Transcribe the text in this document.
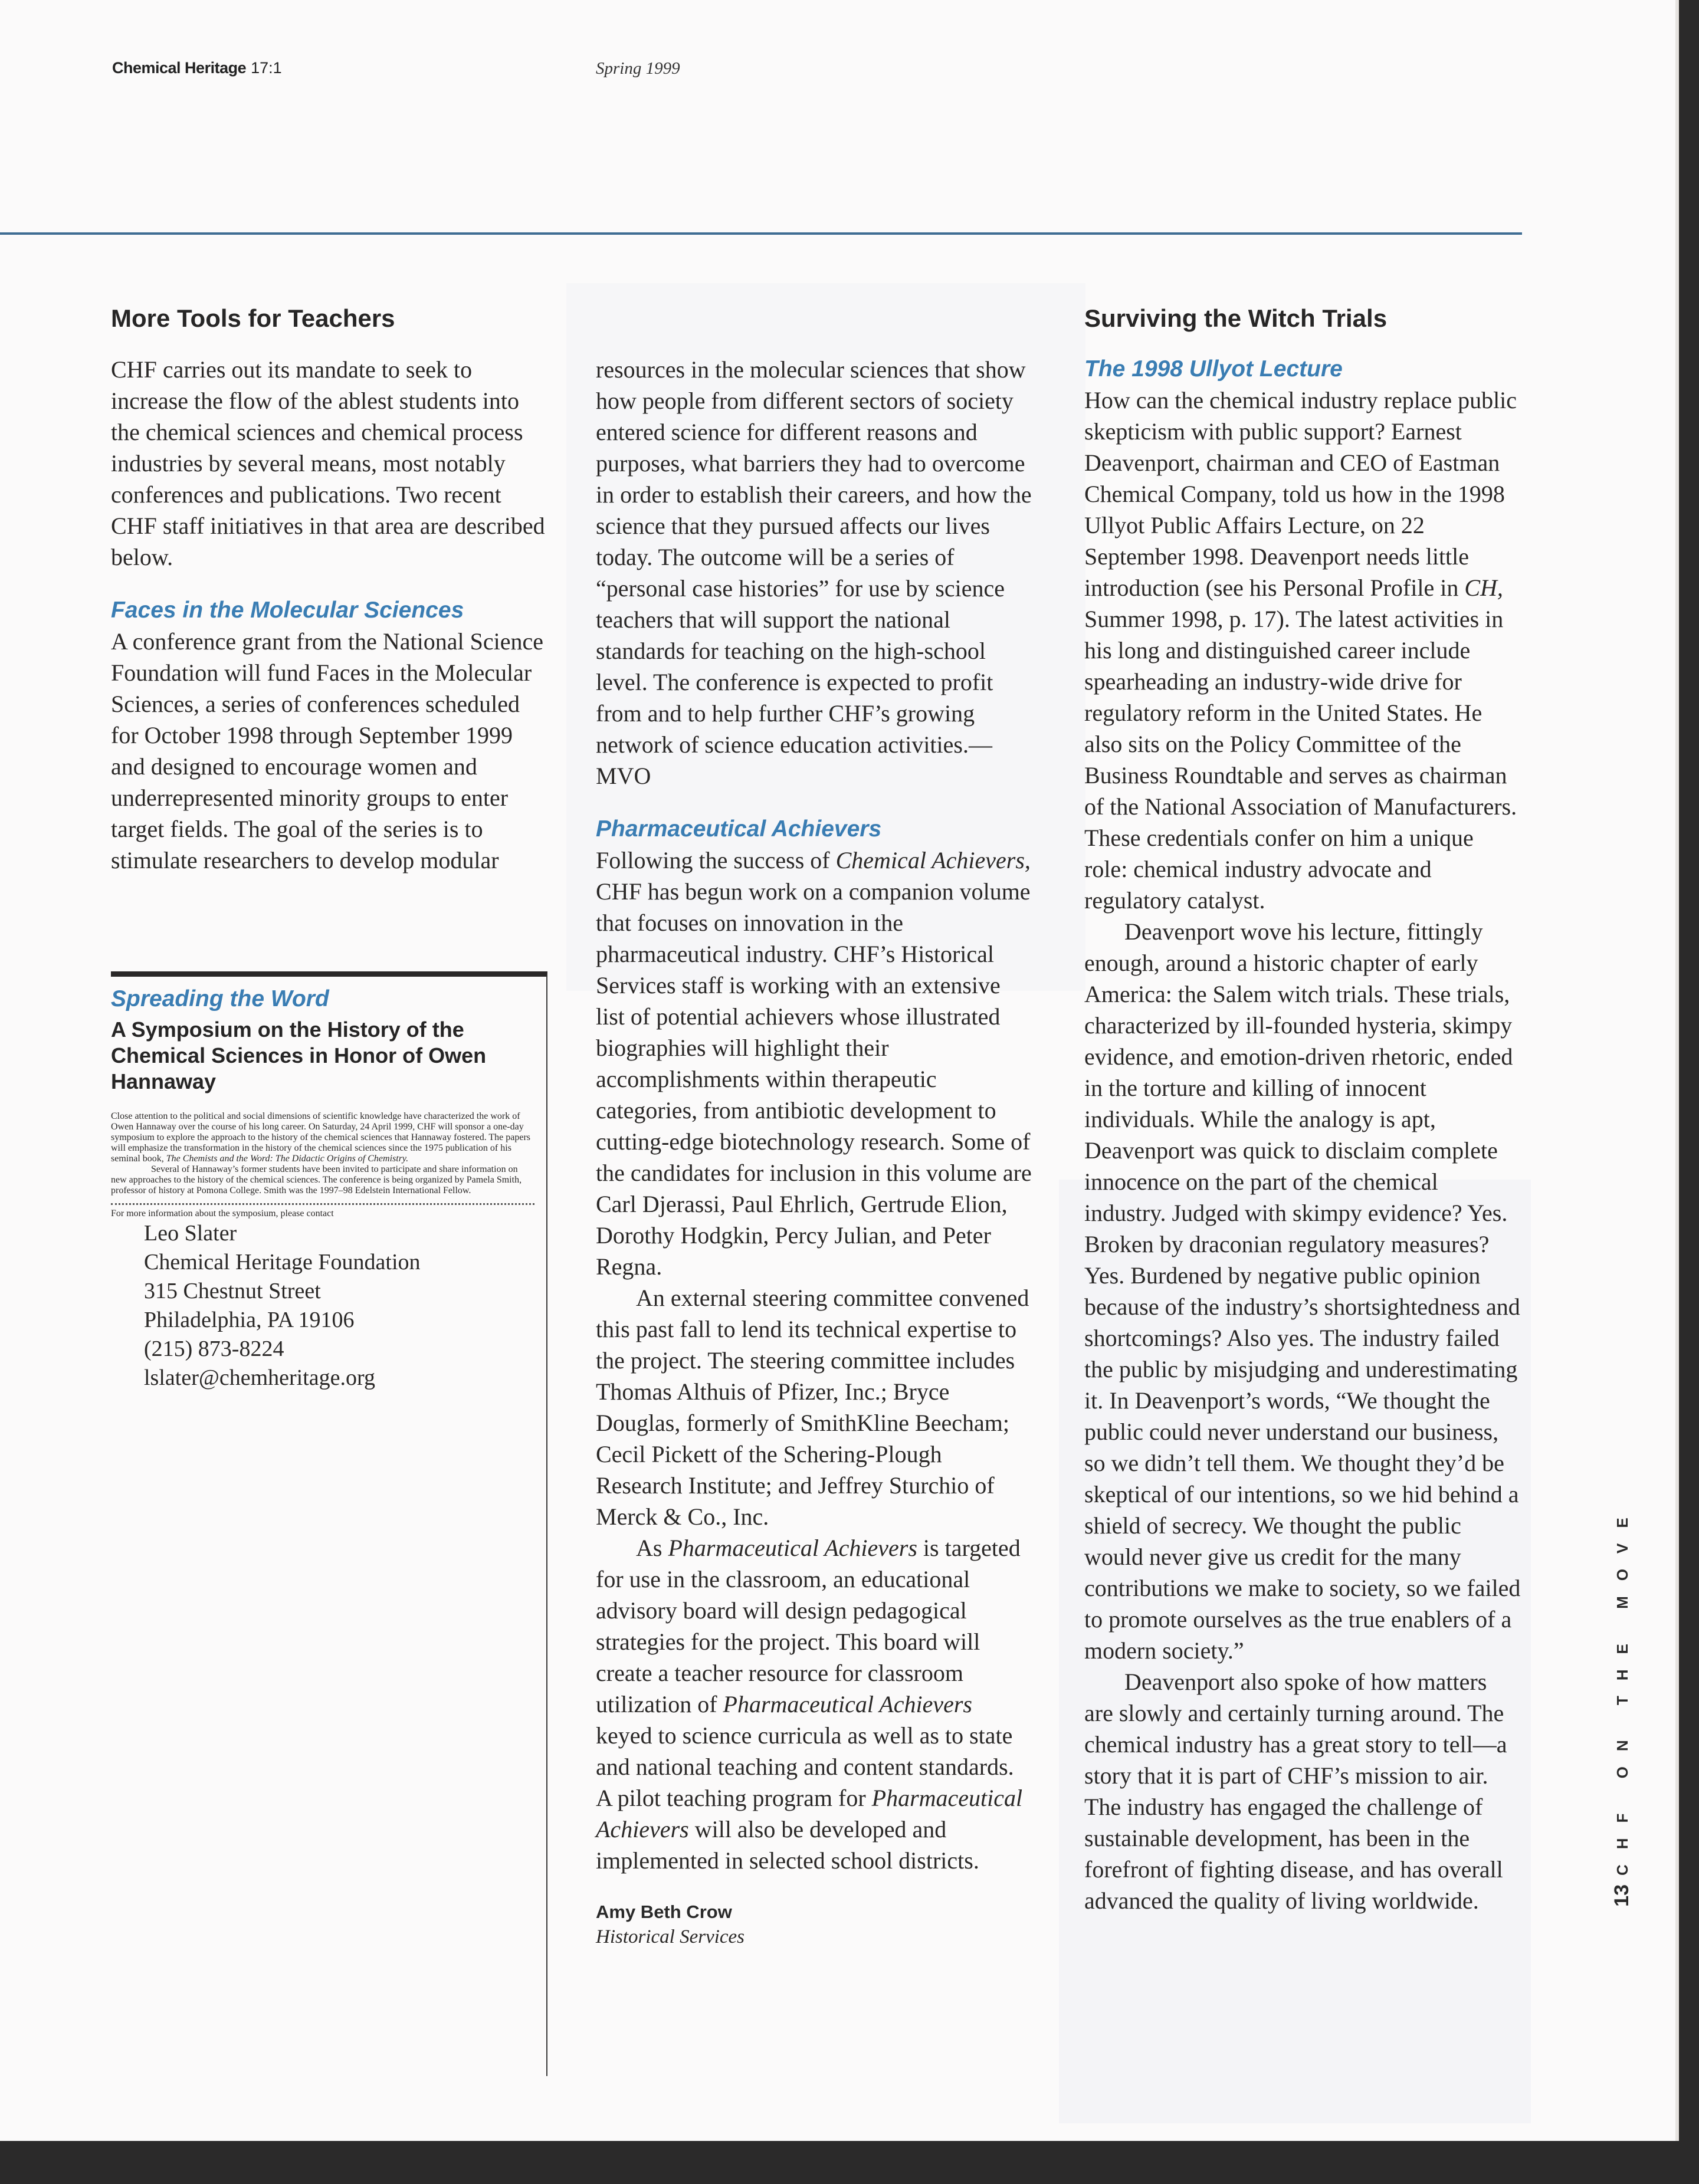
Chemical Heritage 17:1	Spring 1999
More Tools for Teachers

CHF carries out its mandate to seek to increase the flow of the ablest students into the chemical sciences and chemical process industries by several means, most notably conferences and publications. Two recent CHF staff initiatives in that area are described below.

Faces in the Molecular Sciences

A conference grant from the National Science Foundation will fund Faces in the Molecular Sciences, a series of conferences scheduled for October 1998 through September 1999 and designed to encourage women and underrepresented minority groups to enter target fields. The goal of the series is to stimulate researchers to develop modular

Spreading the Word
A Symposium on the History of the Chemical Sciences in Honor of Owen Hannaway

Close attention to the political and social dimensions of scientific knowledge have characterized the work of Owen Hannaway over the course of his long career. On Saturday, 24 April 1999, CHF will sponsor a one-day symposium to explore the approach to the history of the chemical sciences that Hannaway fostered. The papers will emphasize the transformation in the history of the chemical sciences since the 1975 publication of his seminal book, The Chemists and the Word: The Didactic Origins of Chemistry.

Several of Hannaway’s former students have been invited to participate and share information on new approaches to the history of the chemical sciences. The conference is being organized by Pamela Smith, professor of history at Pomona College. Smith was the 1997–98 Edelstein International Fellow.

For more information about the symposium, please contact

Leo Slater
Chemical Heritage Foundation
315 Chestnut Street
Philadelphia, PA 19106
(215) 873-8224
lslater@chemheritage.org

resources in the molecular sciences that show how people from different sectors of society entered science for different reasons and purposes, what barriers they had to overcome in order to establish their careers, and how the science that they pursued affects our lives today. The outcome will be a series of “personal case histories” for use by science teachers that will support the national standards for teaching on the high-school level. The conference is expected to profit from and to help further CHF’s growing network of science education activities.—MVO

Pharmaceutical Achievers

Following the success of Chemical Achievers, CHF has begun work on a companion volume that focuses on innovation in the pharmaceutical industry. CHF’s Historical Services staff is working with an extensive list of potential achievers whose illustrated biographies will highlight their accomplishments within therapeutic categories, from antibiotic development to cutting-edge biotechnology research. Some of the candidates for inclusion in this volume are Carl Djerassi, Paul Ehrlich, Gertrude Elion, Dorothy Hodgkin, Percy Julian, and Peter Regna.

An external steering committee convened this past fall to lend its technical expertise to the project. The steering committee includes Thomas Althuis of Pfizer, Inc.; Bryce Douglas, formerly of SmithKline Beecham; Cecil Pickett of the Schering-Plough Research Institute; and Jeffrey Sturchio of Merck & Co., Inc.

As Pharmaceutical Achievers is targeted for use in the classroom, an educational advisory board will design pedagogical strategies for the project. This board will create a teacher resource for classroom utilization of Pharmaceutical Achievers keyed to science curricula as well as to state and national teaching and content standards. A pilot teaching program for Pharmaceutical Achievers will also be developed and implemented in selected school districts.

Amy Beth Crow
Historical Services
Surviving the Witch Trials
The 1998 Ullyot Lecture

How can the chemical industry replace public skepticism with public support? Earnest Deavenport, chairman and CEO of Eastman Chemical Company, told us how in the 1998 Ullyot Public Affairs Lecture, on 22 September 1998. Deavenport needs little introduction (see his Personal Profile in CH, Summer 1998, p. 17). The latest activities in his long and distinguished career include spearheading an industry-wide drive for regulatory reform in the United States. He also sits on the Policy Committee of the Business Roundtable and serves as chairman of the National Association of Manufacturers. These credentials confer on him a unique role: chemical industry advocate and regulatory catalyst.

Deavenport wove his lecture, fittingly enough, around a historic chapter of early America: the Salem witch trials. These trials, characterized by ill-founded hysteria, skimpy evidence, and emotion-driven rhetoric, ended in the torture and killing of innocent individuals. While the analogy is apt, Deavenport was quick to disclaim complete innocence on the part of the chemical industry. Judged with skimpy evidence? Yes. Broken by draconian regulatory measures? Yes. Burdened by negative public opinion because of the industry’s shortsightedness and shortcomings? Also yes. The industry failed the public by misjudging and underestimating it. In Deavenport’s words, “We thought the public could never understand our business, so we didn’t tell them. We thought they’d be skeptical of our intentions, so we hid behind a shield of secrecy. We thought the public would never give us credit for the many contributions we make to society, so we failed to promote ourselves as the true enablers of a modern society.”

Deavenport also spoke of how matters are slowly and certainly turning around. The chemical industry has a great story to tell—a story that it is part of CHF’s mission to air. The industry has engaged the challenge of sustainable development, has been in the forefront of fighting disease, and has overall advanced the quality of living worldwide.

CHF ON THE MOVE
13
